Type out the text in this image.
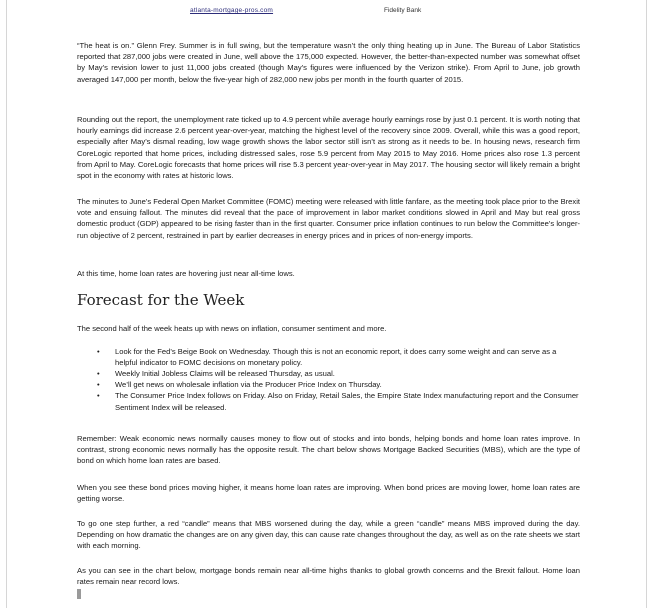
atlanta-mortgage-pros.com	Fidelity Bank

“The heat is on.” Glenn Frey. Summer is in full swing, but the temperature wasn’t the only thing heating up in June. The Bureau of Labor Statistics reported that 287,000 jobs were created in June, well above the 175,000 expected. However, the better-than-expected number was somewhat offset by May’s revision lower to just 11,000 jobs created (though May’s figures were influenced by the Verizon strike). From April to June, job growth averaged 147,000 per month, below the five-year high of 282,000 new jobs per month in the fourth quarter of 2015.

Rounding out the report, the unemployment rate ticked up to 4.9 percent while average hourly earnings rose by just 0.1 percent. It is worth noting that hourly earnings did increase 2.6 percent year-over-year, matching the highest level of the recovery since 2009. Overall, while this was a good report, especially after May’s dismal reading, low wage growth shows the labor sector still isn’t as strong as it needs to be. In housing news, research firm CoreLogic reported that home prices, including distressed sales, rose 5.9 percent from May 2015 to May 2016. Home prices also rose 1.3 percent from April to May. CoreLogic forecasts that home prices will rise 5.3 percent year-over-year in May 2017. The housing sector will likely remain a bright spot in the economy with rates at historic lows.

The minutes to June’s Federal Open Market Committee (FOMC) meeting were released with little fanfare, as the meeting took place prior to the Brexit vote and ensuing fallout. The minutes did reveal that the pace of improvement in labor market conditions slowed in April and May but real gross domestic product (GDP) appeared to be rising faster than in the first quarter. Consumer price inflation continues to run below the Committee’s longer-run objective of 2 percent, restrained in part by earlier decreases in energy prices and in prices of non-energy imports.

At this time, home loan rates are hovering just near all-time lows.

Forecast for the Week

The second half of the week heats up with news on inflation, consumer sentiment and more.

• Look for the Fed’s Beige Book on Wednesday. Though this is not an economic report, it does carry some weight and can serve as a helpful indicator to FOMC decisions on monetary policy.
• Weekly Initial Jobless Claims will be released Thursday, as usual.
• We’ll get news on wholesale inflation via the Producer Price Index on Thursday.
• The Consumer Price Index follows on Friday. Also on Friday, Retail Sales, the Empire State Index manufacturing report and the Consumer Sentiment Index will be released.

Remember: Weak economic news normally causes money to flow out of stocks and into bonds, helping bonds and home loan rates improve. In contrast, strong economic news normally has the opposite result. The chart below shows Mortgage Backed Securities (MBS), which are the type of bond on which home loan rates are based.

When you see these bond prices moving higher, it means home loan rates are improving. When bond prices are moving lower, home loan rates are getting worse.

To go one step further, a red “candle” means that MBS worsened during the day, while a green “candle” means MBS improved during the day. Depending on how dramatic the changes are on any given day, this can cause rate changes throughout the day, as well as on the rate sheets we start with each morning.

As you can see in the chart below, mortgage bonds remain near all-time highs thanks to global growth concerns and the Brexit fallout. Home loan rates remain near record lows.
